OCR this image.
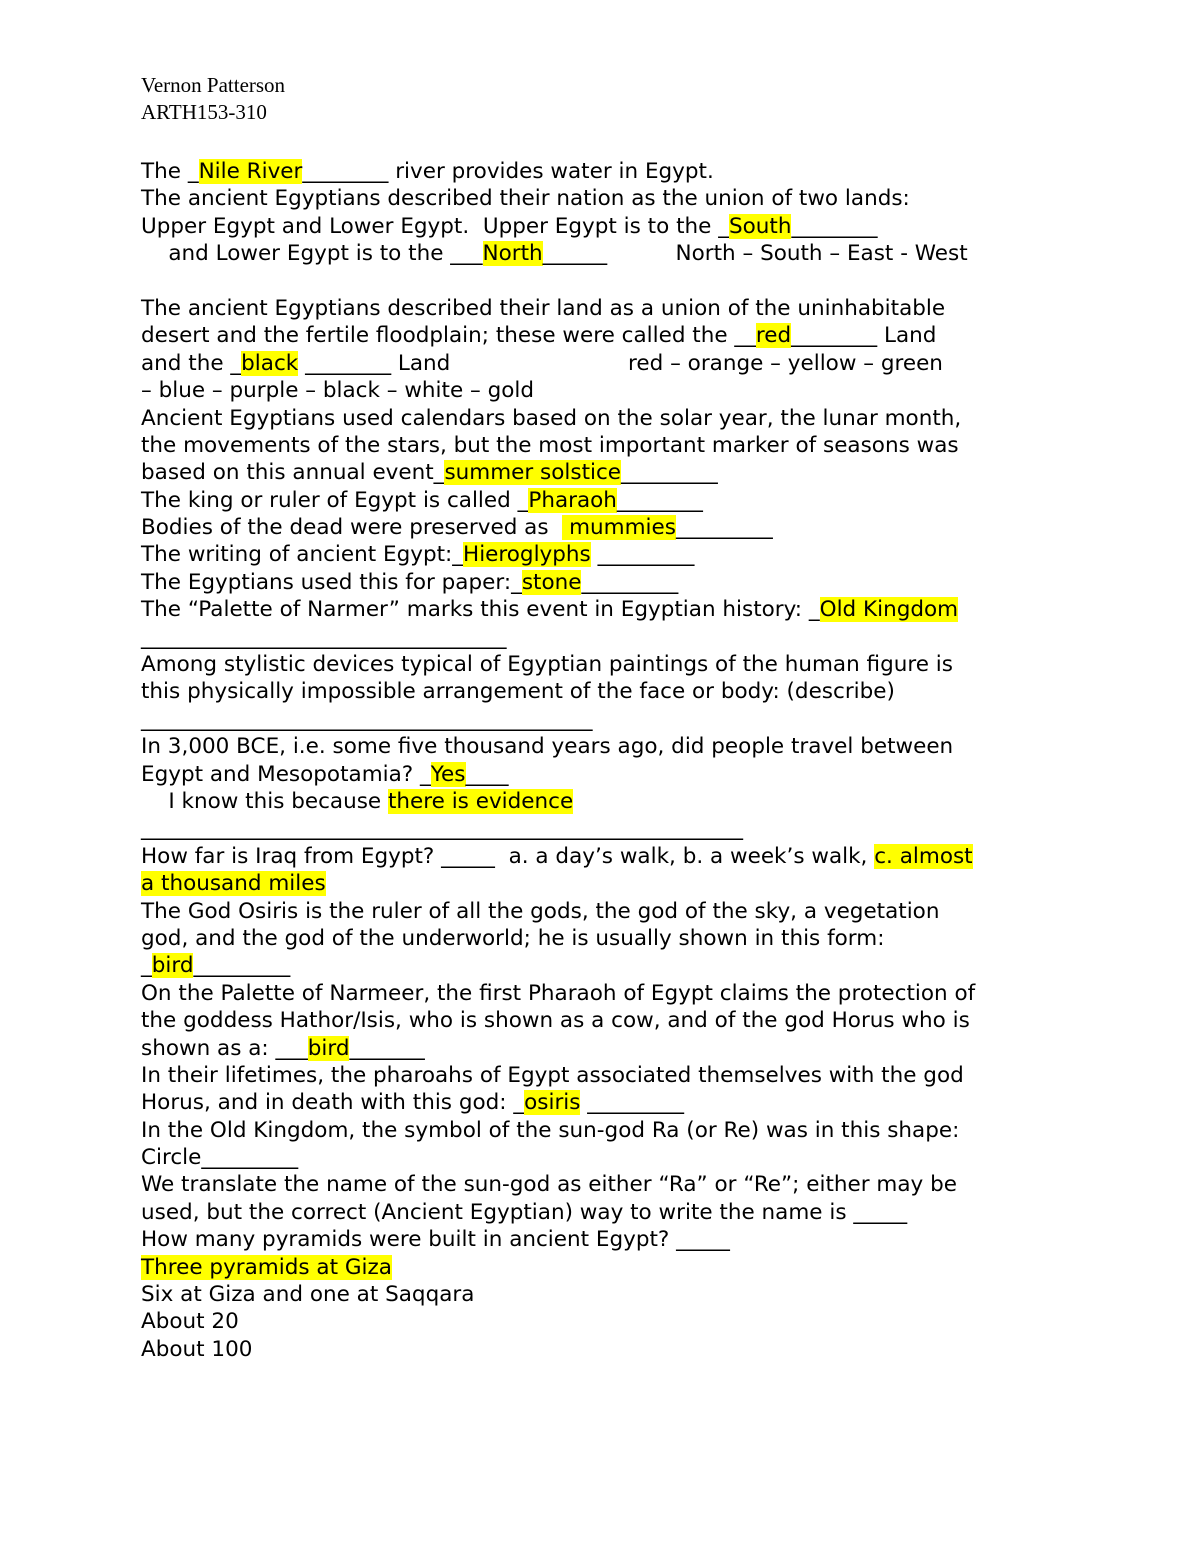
Vernon Patterson
ARTH153-310
The _Nile River________ river provides water in Egypt.
The ancient Egyptians described their nation as the union of two lands:
Upper Egypt and Lower Egypt.  Upper Egypt is to the _South________
and Lower Egypt is to the ___North______          North – South – East - West
The ancient Egyptians described their land as a union of the uninhabitable
desert and the fertile floodplain; these were called the __red________ Land
and the _black ________ Land                          red – orange – yellow – green
– blue – purple – black – white – gold
Ancient Egyptians used calendars based on the solar year, the lunar month,
the movements of the stars, but the most important marker of seasons was
based on this annual event_summer solstice_________
The king or ruler of Egypt is called _Pharaoh________
Bodies of the dead were preserved as   mummies_________
The writing of ancient Egypt:_Hieroglyphs _________
The Egyptians used this for paper:_stone_________
The “Palette of Narmer” marks this event in Egyptian history: _Old Kingdom
__________________________________
Among stylistic devices typical of Egyptian paintings of the human figure is
this physically impossible arrangement of the face or body: (describe)
__________________________________________
In 3,000 BCE, i.e. some five thousand years ago, did people travel between
Egypt and Mesopotamia? _Yes____
I know this because there is evidence
________________________________________________________
How far is Iraq from Egypt? _____  a. a day’s walk, b. a week’s walk, c. almost
a thousand miles
The God Osiris is the ruler of all the gods, the god of the sky, a vegetation
god, and the god of the underworld; he is usually shown in this form:
_bird_________
On the Palette of Narmeer, the first Pharaoh of Egypt claims the protection of
the goddess Hathor/Isis, who is shown as a cow, and of the god Horus who is
shown as a: ___bird_______
In their lifetimes, the pharoahs of Egypt associated themselves with the god
Horus, and in death with this god: _osiris _________
In the Old Kingdom, the symbol of the sun-god Ra (or Re) was in this shape:
Circle_________
We translate the name of the sun-god as either “Ra” or “Re”; either may be
used, but the correct (Ancient Egyptian) way to write the name is _____
How many pyramids were built in ancient Egypt? _____
Three pyramids at Giza
Six at Giza and one at Saqqara
About 20
About 100
